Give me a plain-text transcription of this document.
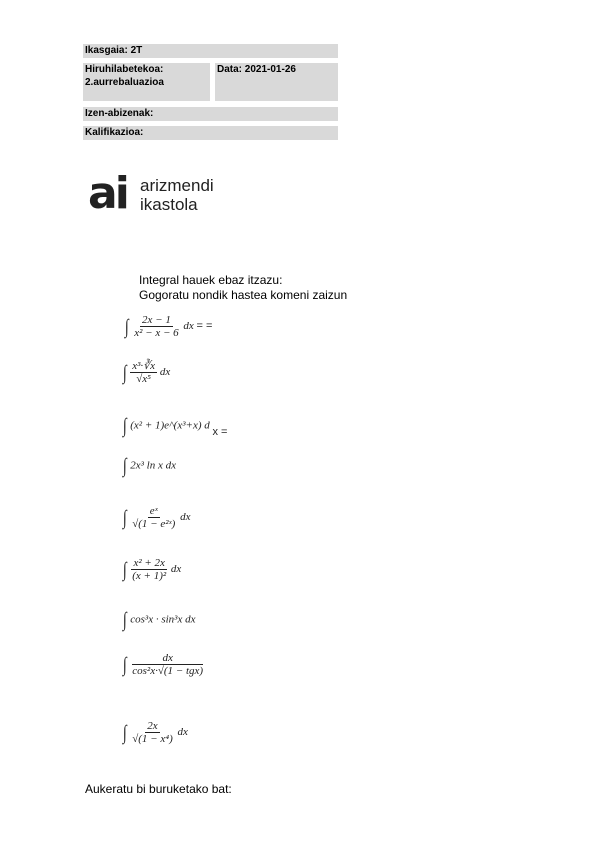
Ikasgaia: 2T
Hiruhilabetekoa:
2.aurrebaluazioa
Data: 2021-01-26
Izen-abizenak:
Kalifikazioa:
ai arizmendi
ikastola
Integral hauek ebaz itzazu:
Gogoratu nondik hastea komeni zaizun
∫ $\frac{2x - 1}{\text{x² − x − 6}}$ dx = =
∫ $\frac{\text{x³·∛x}}{\text{√x⁵}}$ dx
∫ (x² + 1)e^(x³+x) d x =
∫ 2x³ ln x dx
∫ $\frac{\text{eˣ}}{\text{√(1 − e²ˣ)}}$ dx
∫ $\frac{\text{x² + 2x}}{\text{(x + 1)²}}$ dx
∫ cos³x · sin³x dx
∫ $\frac{dx}{\text{cos²x·√(1 − tgx)}}$
∫ $\frac{2x}{\text{√(1 − x⁴)}}$ dx
Aukeratu bi buruketako bat:
